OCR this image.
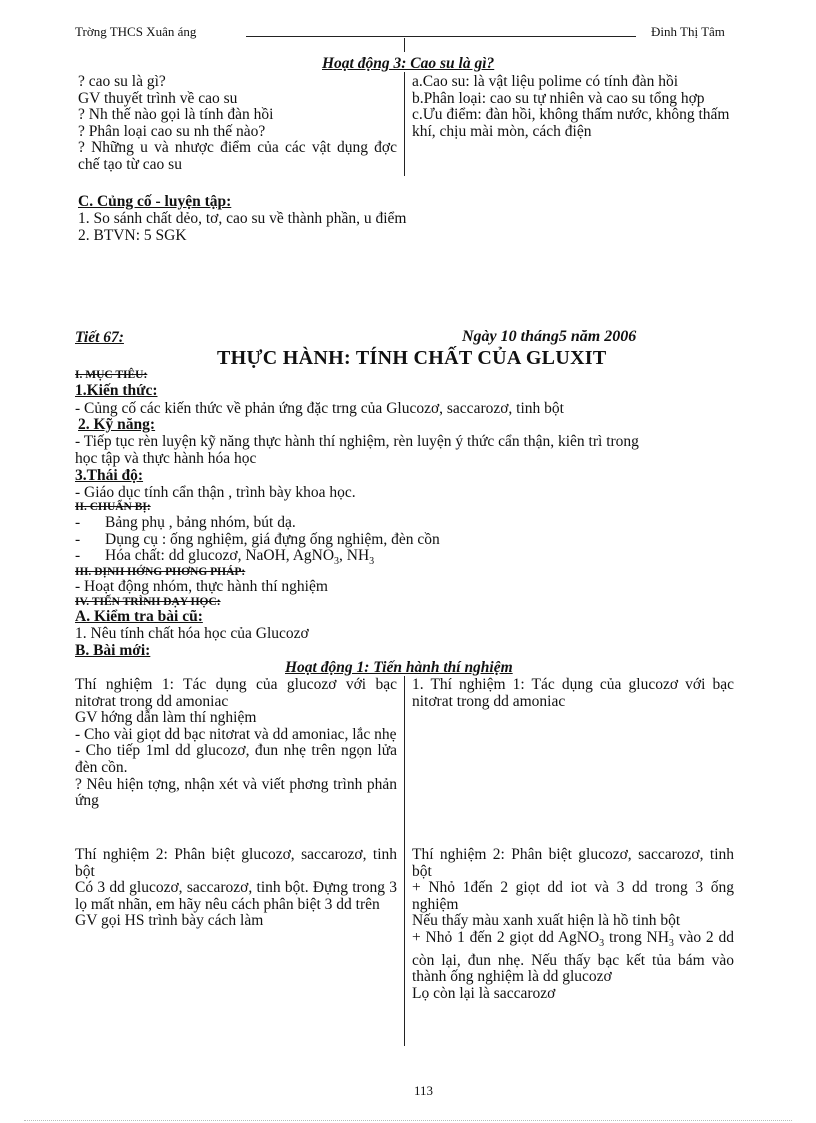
Trờng THCS Xuân áng	Đinh Thị Tâm
Hoạt động 3: Cao su là gì?
? cao su là gì?
GV thuyết trình về cao su
? Nh thế nào gọi là tính đàn hồi
? Phân loại cao su nh thế nào?
? Những u và nhược điểm của các vật dụng đợc chế tạo từ cao su
a.Cao su: là vật liệu polime có tính đàn hồi
b.Phân loại: cao su tự nhiên và cao su tổng hợp
c.Ưu điểm: đàn hồi, không thấm nước, không thấm khí, chịu mài mòn, cách điện
C. Củng cố - luyện tập:
1. So sánh chất dẻo, tơ, cao su về thành phần, u điểm
2. BTVN: 5 SGK
Tiết 67:	Ngày 10 tháng5 năm 2006
THỰC HÀNH: TÍNH CHẤT CỦA GLUXIT
I. MỤC TIÊU:
1.Kiến thức:
- Củng cố các kiến thức về phản ứng đặc trng của Glucozơ, saccarozơ, tinh bột
2. Kỹ năng:
- Tiếp tục rèn luyện kỹ năng thực hành thí nghiệm, rèn luyện ý thức cẩn thận, kiên trì trong
học tập và thực hành hóa học
3.Thái độ:
- Giáo dục tính cẩn thận , trình bày khoa học.
II. CHUẨN BỊ:
- Bảng phụ , bảng nhóm, bút dạ.
- Dụng cụ : ống nghiệm, giá đựng ống nghiệm, đèn cồn
- Hóa chất: dd glucozơ, NaOH, AgNO$_3$, $NH_3$
III. ĐỊNH HỚNG PHƠNG PHÁP:
- Hoạt động nhóm, thực hành thí nghiệm
IV. TIẾN TRÌNH DẠY HỌC:
A. Kiểm tra bài cũ:
1. Nêu tính chất hóa học của Glucozơ
B. Bài mới:
Hoạt động 1: Tiến hành thí nghiệm
Thí nghiệm 1: Tác dụng của glucozơ với bạc nitơrat trong dd amoniac
GV hớng dẫn làm thí nghiệm
- Cho vài giọt dd bạc nitơrat và dd amoniac, lắc nhẹ
- Cho tiếp 1ml dd glucozơ, đun nhẹ trên ngọn lửa đèn cồn.
? Nêu hiện tợng, nhận xét và viết phơng trình phản ứng
1. Thí nghiệm 1: Tác dụng của glucozơ với bạc nitơrat trong dd amoniac
Thí nghiệm 2: Phân biệt glucozơ, saccarozơ, tinh bột
Có 3 dd glucozơ, saccarozơ, tinh bột. Đựng trong 3 lọ mất nhãn, em hãy nêu cách phân biệt 3 dd trên
GV gọi HS trình bày cách làm
Thí nghiệm 2: Phân biệt glucozơ, saccarozơ, tinh bột
+ Nhỏ 1đến 2 giọt dd iot và 3 dd trong 3 ống nghiệm
Nếu thấy màu xanh xuất hiện là hồ tinh bột
+ Nhỏ 1 đến 2 giọt dd AgNO$_3$ trong $NH_3$ vào 2 dd còn lại, đun nhẹ. Nếu thấy bạc kết tủa bám vào thành ống nghiệm là dd glucozơ
Lọ còn lại là saccarozơ
113
